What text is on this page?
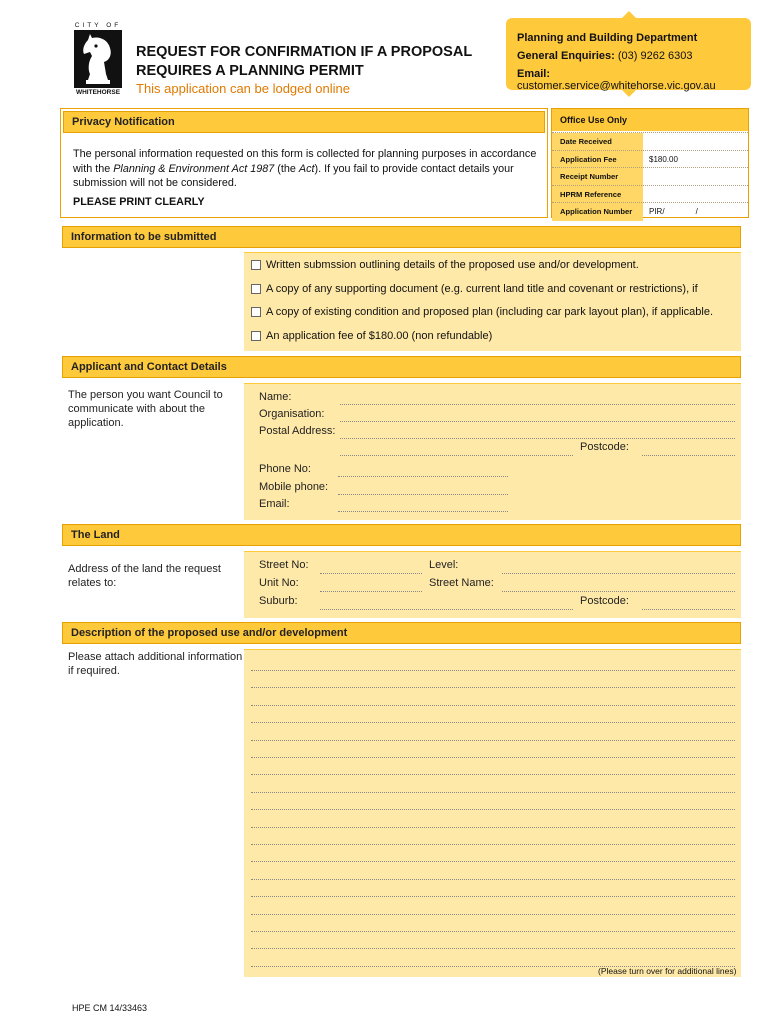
CITY OF
WHITEHORSE
REQUEST FOR CONFIRMATION IF A PROPOSAL
REQUIRES A PLANNING PERMIT
This application can be lodged online
Planning and Building Department
General Enquiries: (03) 9262 6303
Email: customer.service@whitehorse.vic.gov.au
Privacy Notification
The personal information requested on this form is collected for planning purposes in accordance with the Planning & Environment Act 1987 (the Act). If you fail to provide contact details your submission will not be considered.
PLEASE PRINT CLEARLY
Office Use Only
Date Received
Application Fee	$180.00
Receipt Number
HPRM Reference
Application Number	PIR/              /
Information to be submitted
Written submssion outlining details of the proposed use and/or development.
A copy of any supporting document (e.g. current land title and covenant or restrictions), if
A copy of existing condition and proposed plan (including car park layout plan), if applicable.
An application fee of $180.00 (non refundable)
Applicant and Contact Details
The person you want Council to communicate with about the application.
Name:
Organisation:
Postal Address:
Postcode:
Phone No:
Mobile phone:
Email:
The Land
Address of the land the request relates to:
Street No:	Level:
Unit No:	Street Name:
Suburb:	Postcode:
Description of the proposed use and/or development
Please attach additional information if required.
(Please turn over for additional lines)
HPE CM 14/33463
